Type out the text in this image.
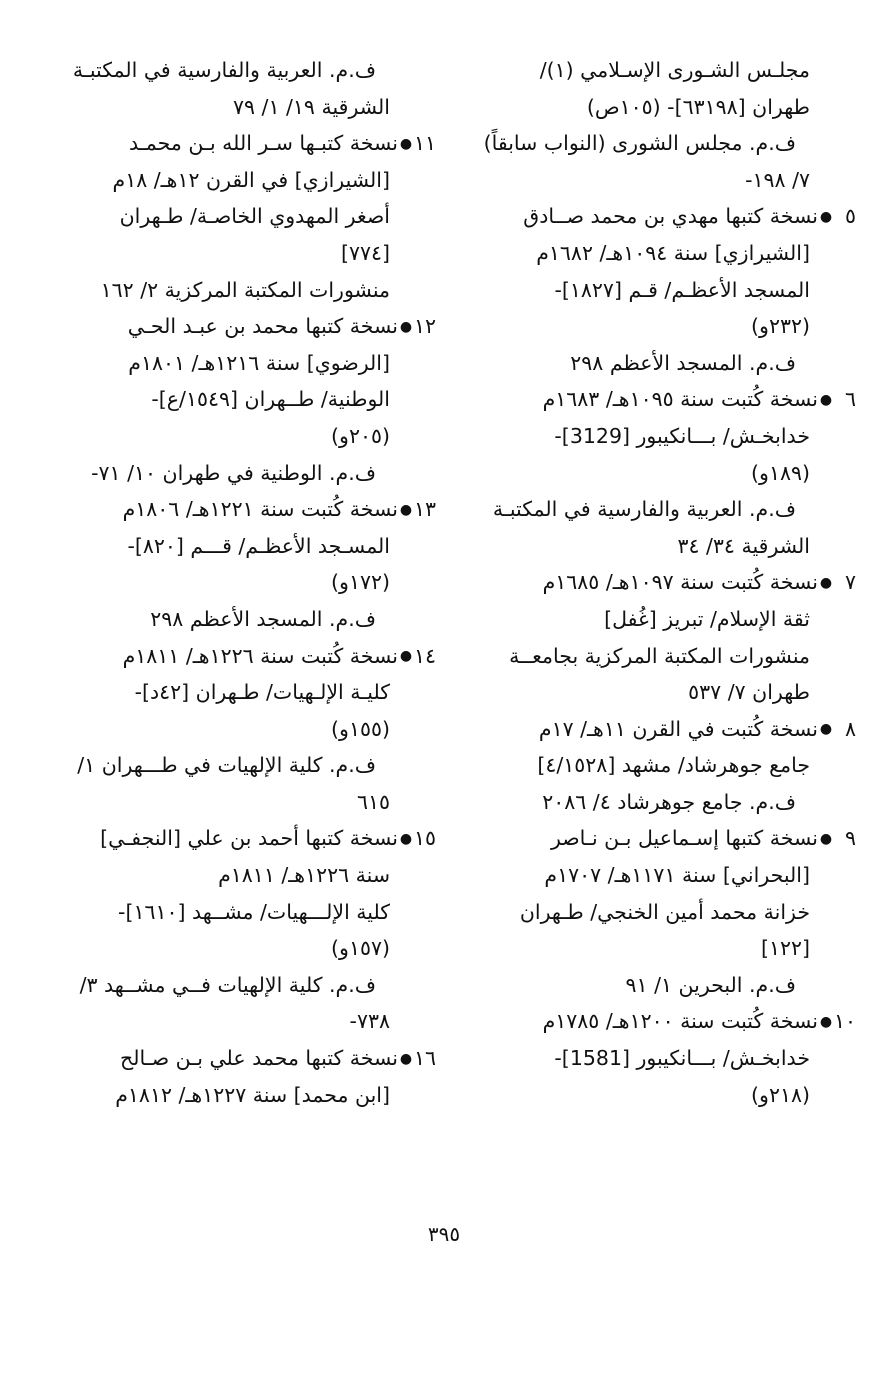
مجلـس الشـورى الإسـلامي (١)/
طهران [٦٣١٩٨]- (١٠٥ص)
ف.م. مجلس الشورى (النواب سابقاً)
٧/ ١٩٨-
٥●نسخة كتبها مهدي بن محمد صــادق
[الشيرازي] سنة ١٠٩٤هـ/ ١٦٨٢م
المسجد الأعظـم/ قـم [١٨٢٧]-
(٢٣٢و)
ف.م. المسجد الأعظم ٢٩٨
٦●نسخة كُتبت سنة ١٠٩٥هـ/ ١٦٨٣م
خدابخـش/ بـــانكيبور [3129]-
(١٨٩و)
ف.م. العربية والفارسية في المكتبـة
الشرقية ٣٤/ ٣٤
٧●نسخة كُتبت سنة ١٠٩٧هـ/ ١٦٨٥م
ثقة الإسلام/ تبريز [غُفل]
منشورات المكتبة المركزية بجامعــة
طهران ٧/ ٥٣٧
٨●نسخة كُتبت في القرن ١١هـ/ ١٧م
جامع جوهرشاد/ مشهد [٤/١٥٢٨]
ف.م. جامع جوهرشاد ٤/ ٢٠٨٦
٩●نسخة كتبها إسـماعيل بـن نـاصر
[البحراني] سنة ١١٧١هـ/ ١٧٠٧م
خزانة محمد أمين الخنجي/ طـهران
[١٢٢]
ف.م. البحرين ١/ ٩١
١٠●نسخة كُتبت سنة ١٢٠٠هـ/ ١٧٨٥م
خدابخـش/ بـــانكيبور [1581]-
(٢١٨و)
ف.م. العربية والفارسية في المكتبـة
الشرقية ١٩/ ١/ ٧٩
١١●نسخة كتبـها سـر الله بـن محمـد
[الشيرازي] في القرن ١٢هـ/ ١٨م
أصغر المهدوي الخاصـة/ طـهران
[٧٧٤]
منشورات المكتبة المركزية ٢/ ١٦٢
١٢●نسخة كتبها محمد بن عبـد الحـي
[الرضوي] سنة ١٢١٦هـ/ ١٨٠١م
الوطنية/ طــهران [١٥٤٩/ع]-
(٢٠٥و)
ف.م. الوطنية في طهران ١٠/ ٧١-
١٣●نسخة كُتبت سنة ١٢٢١هـ/ ١٨٠٦م
المسـجد الأعظـم/ قـــم [٨٢٠]-
(١٧٢و)
ف.م. المسجد الأعظم ٢٩٨
١٤●نسخة كُتبت سنة ١٢٢٦هـ/ ١٨١١م
كليـة الإلـهيات/ طـهران [٤٢د]-
(١٥٥و)
ف.م. كلية الإلهيات في طـــهران ١/
٦١٥
١٥●نسخة كتبها أحمد بن علي [النجفـي]
سنة ١٢٢٦هـ/ ١٨١١م
كلية الإلـــهيات/ مشــهد [١٦١٠]-
(١٥٧و)
ف.م. كلية الإلهيات فــي مشــهد ٣/
٧٣٨-
١٦●نسخة كتبها محمد علي بـن صـالح
[ابن محمد] سنة ١٢٢٧هـ/ ١٨١٢م
٣٩٥
